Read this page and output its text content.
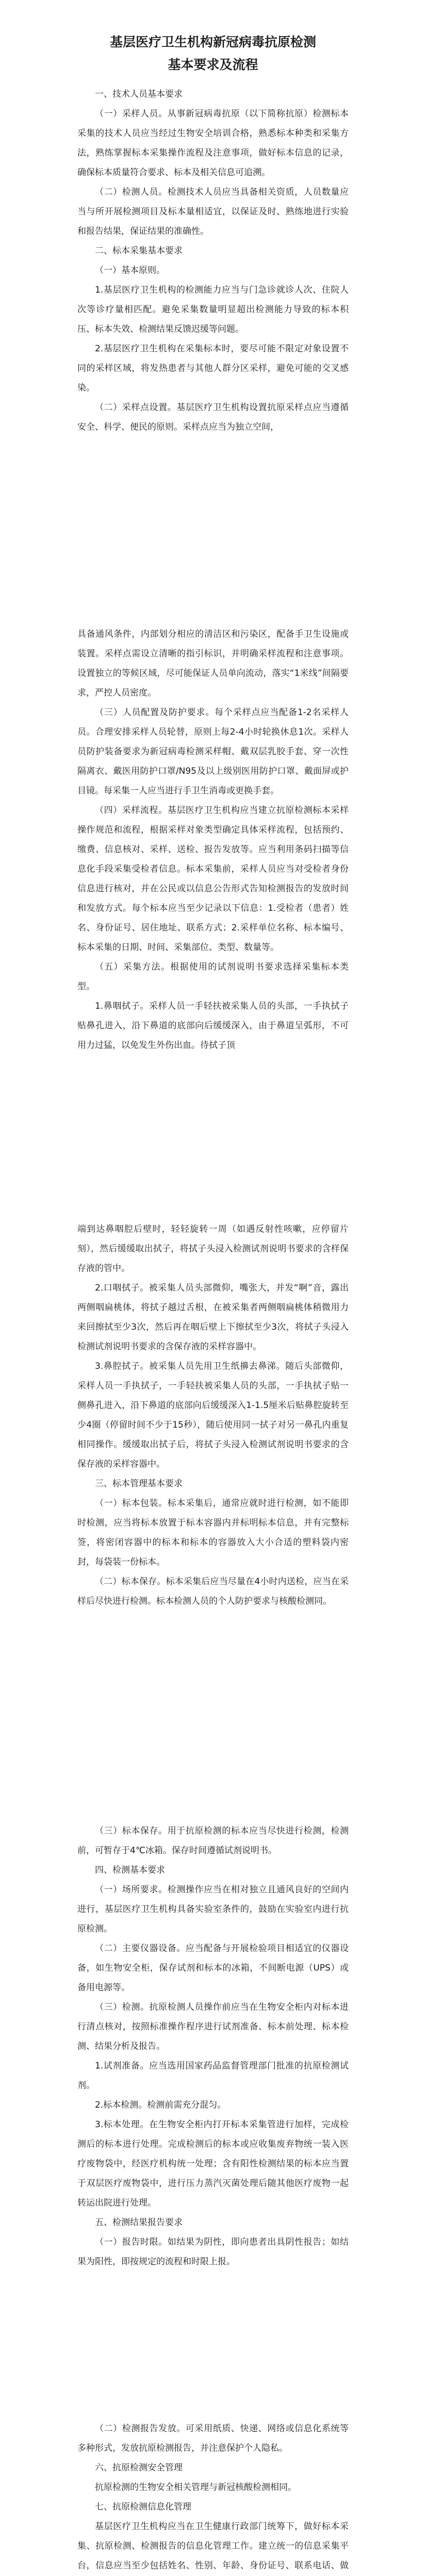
基层医疗卫生机构新冠病毒抗原检测

基本要求及流程

一、技术人员基本要求

（一）采样人员。从事新冠病毒抗原（以下简称抗原）检测标本采集的技术人员应当经过生物安全培训合格，熟悉标本种类和采集方法，熟练掌握标本采集操作流程及注意事项，做好标本信息的记录，确保标本质量符合要求、标本及相关信息可追溯。

（二）检测人员。检测技术人员应当具备相关资质，人员数量应当与所开展检测项目及标本量相适宜，以保证及时、熟练地进行实验和报告结果，保证结果的准确性。

二、标本采集基本要求

（一）基本原则。

1.基层医疗卫生机构的检测能力应当与门急诊就诊人次、住院人次等诊疗量相匹配。避免采集数量明显超出检测能力导致的标本积压、标本失效、检测结果反馈迟缓等问题。

2.基层医疗卫生机构在采集标本时，要尽可能不限定对象设置不同的采样区域，将发热患者与其他人群分区采样，避免可能的交叉感染。

（二）采样点设置。基层医疗卫生机构设置抗原采样点应当遵循安全、科学、便民的原则。采样点应当为独立空间，

具备通风条件，内部划分相应的清洁区和污染区，配备手卫生设施或装置。采样点需设立清晰的指引标识，并明确采样流程和注意事项。设置独立的等候区域，尽可能保证人员单向流动，落实“1米线”间隔要求，严控人员密度。

（三）人员配置及防护要求。每个采样点应当配备1-2名采样人员。合理安排采样人员轮替，原则上每2-4小时轮换休息1次。采样人员防护装备要求为新冠病毒检测采样帽、戴双层乳胶手套、穿一次性隔离衣、戴医用防护口罩/N95及以上级别医用防护口罩、戴面屏或护目镜。每采集一人应当进行手卫生消毒或更换手套。

（四）采样流程。基层医疗卫生机构应当建立抗原检测标本采样操作规范和流程，根据采样对象类型确定具体采样流程，包括预约、缴费、信息核对、采样、送检、报告发放等。应当利用条码扫描等信息化手段采集受检者信息。标本采集前，采样人员应当对受检者身份信息进行核对，并在公民或以信息公告形式告知检测报告的发放时间和发放方式。每个标本应当至少记录以下信息：1.受检者（患者）姓名、身份证号、居住地址、联系方式；2.采样单位名称、标本编号、标本采集的日期、时间、采集部位、类型、数量等。

（五）采集方法。根据使用的试剂说明书要求选择采集标本类型。

1.鼻咽拭子。采样人员一手轻扶被采集人员的头部，一手执拭子贴鼻孔进入，沿下鼻道的底部向后缓缓深入，由于鼻道呈弧形，不可用力过猛，以免发生外伤出血。待拭子顶

端到达鼻咽腔后壁时，轻轻旋转一周（如遇反射性咳嗽，应停留片刻），然后缓缓取出拭子，将拭子头浸入检测试剂说明书要求的含样保存液的管中。

2.口咽拭子。被采集人员头部微仰，嘴张大，并发“啊”音，露出两侧咽扁桃体，将拭子越过舌根，在被采集者两侧咽扁桃体稍微用力来回擦拭至少3次，然后再在咽后壁上下擦拭至少3次，将拭子头浸入检测试剂说明书要求的含保存液的采样容器中。

3.鼻腔拭子。被采集人员先用卫生纸擤去鼻涕。随后头部微仰，采样人员一手执拭子，一手轻扶被采集人员的头部，一手执拭子贴一侧鼻孔进入，沿下鼻道的底部向后缓缓深入1-1.5厘米后贴鼻腔旋转至少4圈（停留时间不少于15秒），随后使用同一拭子对另一鼻孔内重复相同操作。缓缓取出拭子后，将拭子头浸入检测试剂说明书要求的含保存液的采样容器中。

三、标本管理基本要求

（一）标本包装。标本采集后，通常应就时进行检测，如不能即时检测，应当将标本放置于标本容器内并标明标本信息，并有完整标签，将密闭容器中的标本和标本的容器放入大小合适的塑料袋内密封，每袋装一份标本。

（二）标本保存。标本采集后应当尽量在4小时内送检，应当在采样后尽快进行检测。标本检测人员的个人防护要求与核酸检测同。

（三）标本保存。用于抗原检测的标本应当尽快进行检测，检测前，可暂存于4℃冰箱。保存时间遵循试剂说明书。

四、检测基本要求

（一）场所要求。检测操作应当在相对独立且通风良好的空间内进行，基层医疗卫生机构具备实验室条件的，鼓励在实验室内进行抗原检测。

（二）主要仪器设备。应当配备与开展检验项目相适宜的仪器设备，如生物安全柜，保存试剂和标本的冰箱，不间断电源（UPS）或备用电源等。

（三）检测。抗原检测人员操作前应当在生物安全柜内对标本进行清点核对，按照标准操作程序进行试剂准备、标本前处理、标本检测、结果分析及报告。

1.试剂准备。应当选用国家药品监督管理部门批准的抗原检测试剂。

2.标本检测。检测前需充分混匀。

3.标本处理。在生物安全柜内打开标本采集管进行加样，完成检测后的标本进行处理。完成检测后的标本或应收集废弃物统一装入医疗废物袋中，经医疗机构统一处理；含有阳性检测结果的标本应当置于双层医疗废物袋中，进行压力蒸汽灭菌处理后随其他医疗废物一起转运出院进行处理。

五、检测结果报告要求

（一）报告时限。如结果为阴性，即向患者出具阴性报告；如结果为阳性，即按规定的流程和时限上报。

（二）检测报告发放。可采用纸质、快递、网络或信息化系统等多种形式，发放抗原检测报告，并注意保护个人隐私。

六、抗原检测安全管理

抗原检测的生物安全相关管理与新冠核酸检测相同。

七、抗原检测信息化管理

基层医疗卫生机构应当在卫生健康行政部门统筹下，做好标本采集、抗原检测、检测报告的信息化管理工作。建立统一的信息采集平台，信息应当至少包括姓名、性别、年龄、身份证号、联系电话、做
